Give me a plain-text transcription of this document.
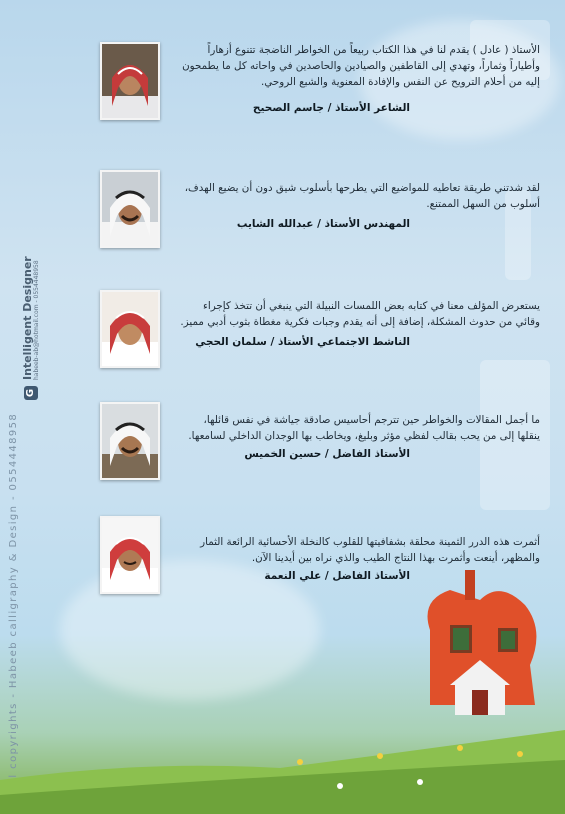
All copyrights - Habeeb calligraphy & Design - 0554448958
G
Intelligent Designer
habeeb-ab@hotmail.com - 0554448958

الأستاذ ( عادل ) يقدم لنا في هذا الكتاب ربيعاً من الخواطر الناضجة تتنوع أزهاراً وأطياراً وثماراً، وتهدي إلى القاطفين والصيادين والحاصدين في واحاته كل ما يطمحون إليه من أحلام الترويح عن النفس والإفادة المعنوية والشبع الروحي.

الشاعر الأستاذ / جاسم الصحيح

لقد شدتني طريقة تعاطيه للمواضيع التي يطرحها بأسلوب شيق دون أن يضيع الهدف، أسلوب من السهل الممتنع.

المهندس الأستاذ / عبدالله الشايب

يستعرض المؤلف معنا في كتابه بعض اللمسات النبيلة التي ينبغي أن تتخذ كإجراء وقائي من حدوث المشكلة، إضافة إلى أنه يقدم وجبات فكرية مغطاة بثوب أدبي مميز.

الناشط الاجتماعي الأستاذ / سلمان الحجي

ما أجمل المقالات والخواطر حين تترجم أحاسيس صادقة جياشة في نفس قائلها، ينقلها إلى من يحب بقالب لفظي مؤثر وبليغ، ويخاطب بها الوجدان الداخلي لسامعها.

الأستاذ الفاضل / حسين الخميس

أثمرت هذه الدرر الثمينة محلقة بشفافيتها للقلوب كالنخلة الأحسائية الرائعة الثمار والمظهر، أينعت وأثمرت بهذا النتاج الطيب والذي نراه بين أيدينا الآن.

الأستاذ الفاضل / علي النعمة
